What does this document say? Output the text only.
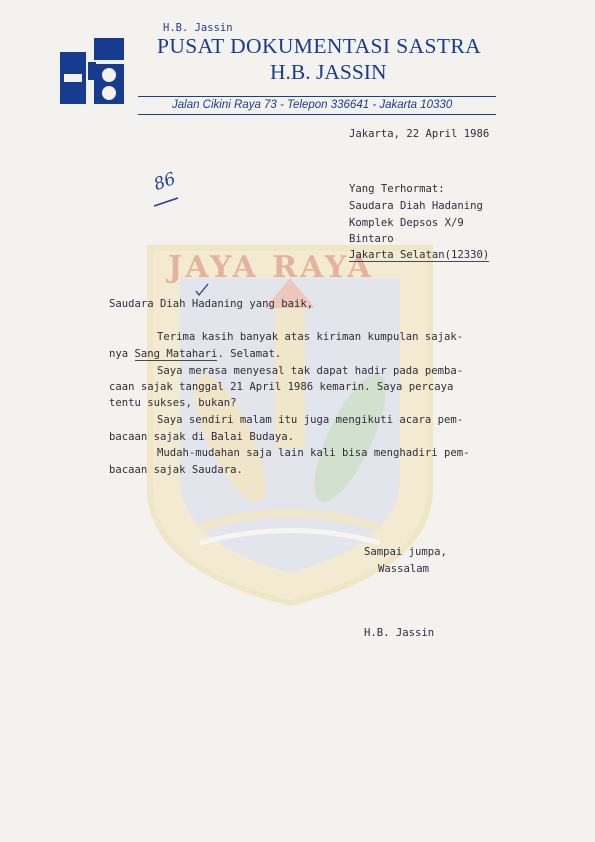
JAYA RAYA
H.B. Jassin
PUSAT DOKUMENTASI SASTRA
H.B. JASSIN
Jalan Cikini Raya 73 - Telepon 336641 - Jakarta 10330
Jakarta, 22 April 1986
86	Yang Terhormat:
Saudara Diah Hadaning
Komplek Depsos X/9
Bintaro
Jakarta Selatan(12330)
Saudara Diah Hadaning yang baik,
Terima kasih banyak atas kiriman kumpulan sajak-
nya Sang Matahari. Selamat.
Saya merasa menyesal tak dapat hadir pada pemba-
caan sajak tanggal 21 April 1986 kemarin. Saya percaya
tentu sukses, bukan?
Saya sendiri malam itu juga mengikuti acara pem-
bacaan sajak di Balai Budaya.
Mudah-mudahan saja lain kali bisa menghadiri pem-
bacaan sajak Saudara.
Sampai jumpa,
Wassalam
H.B. Jassin
